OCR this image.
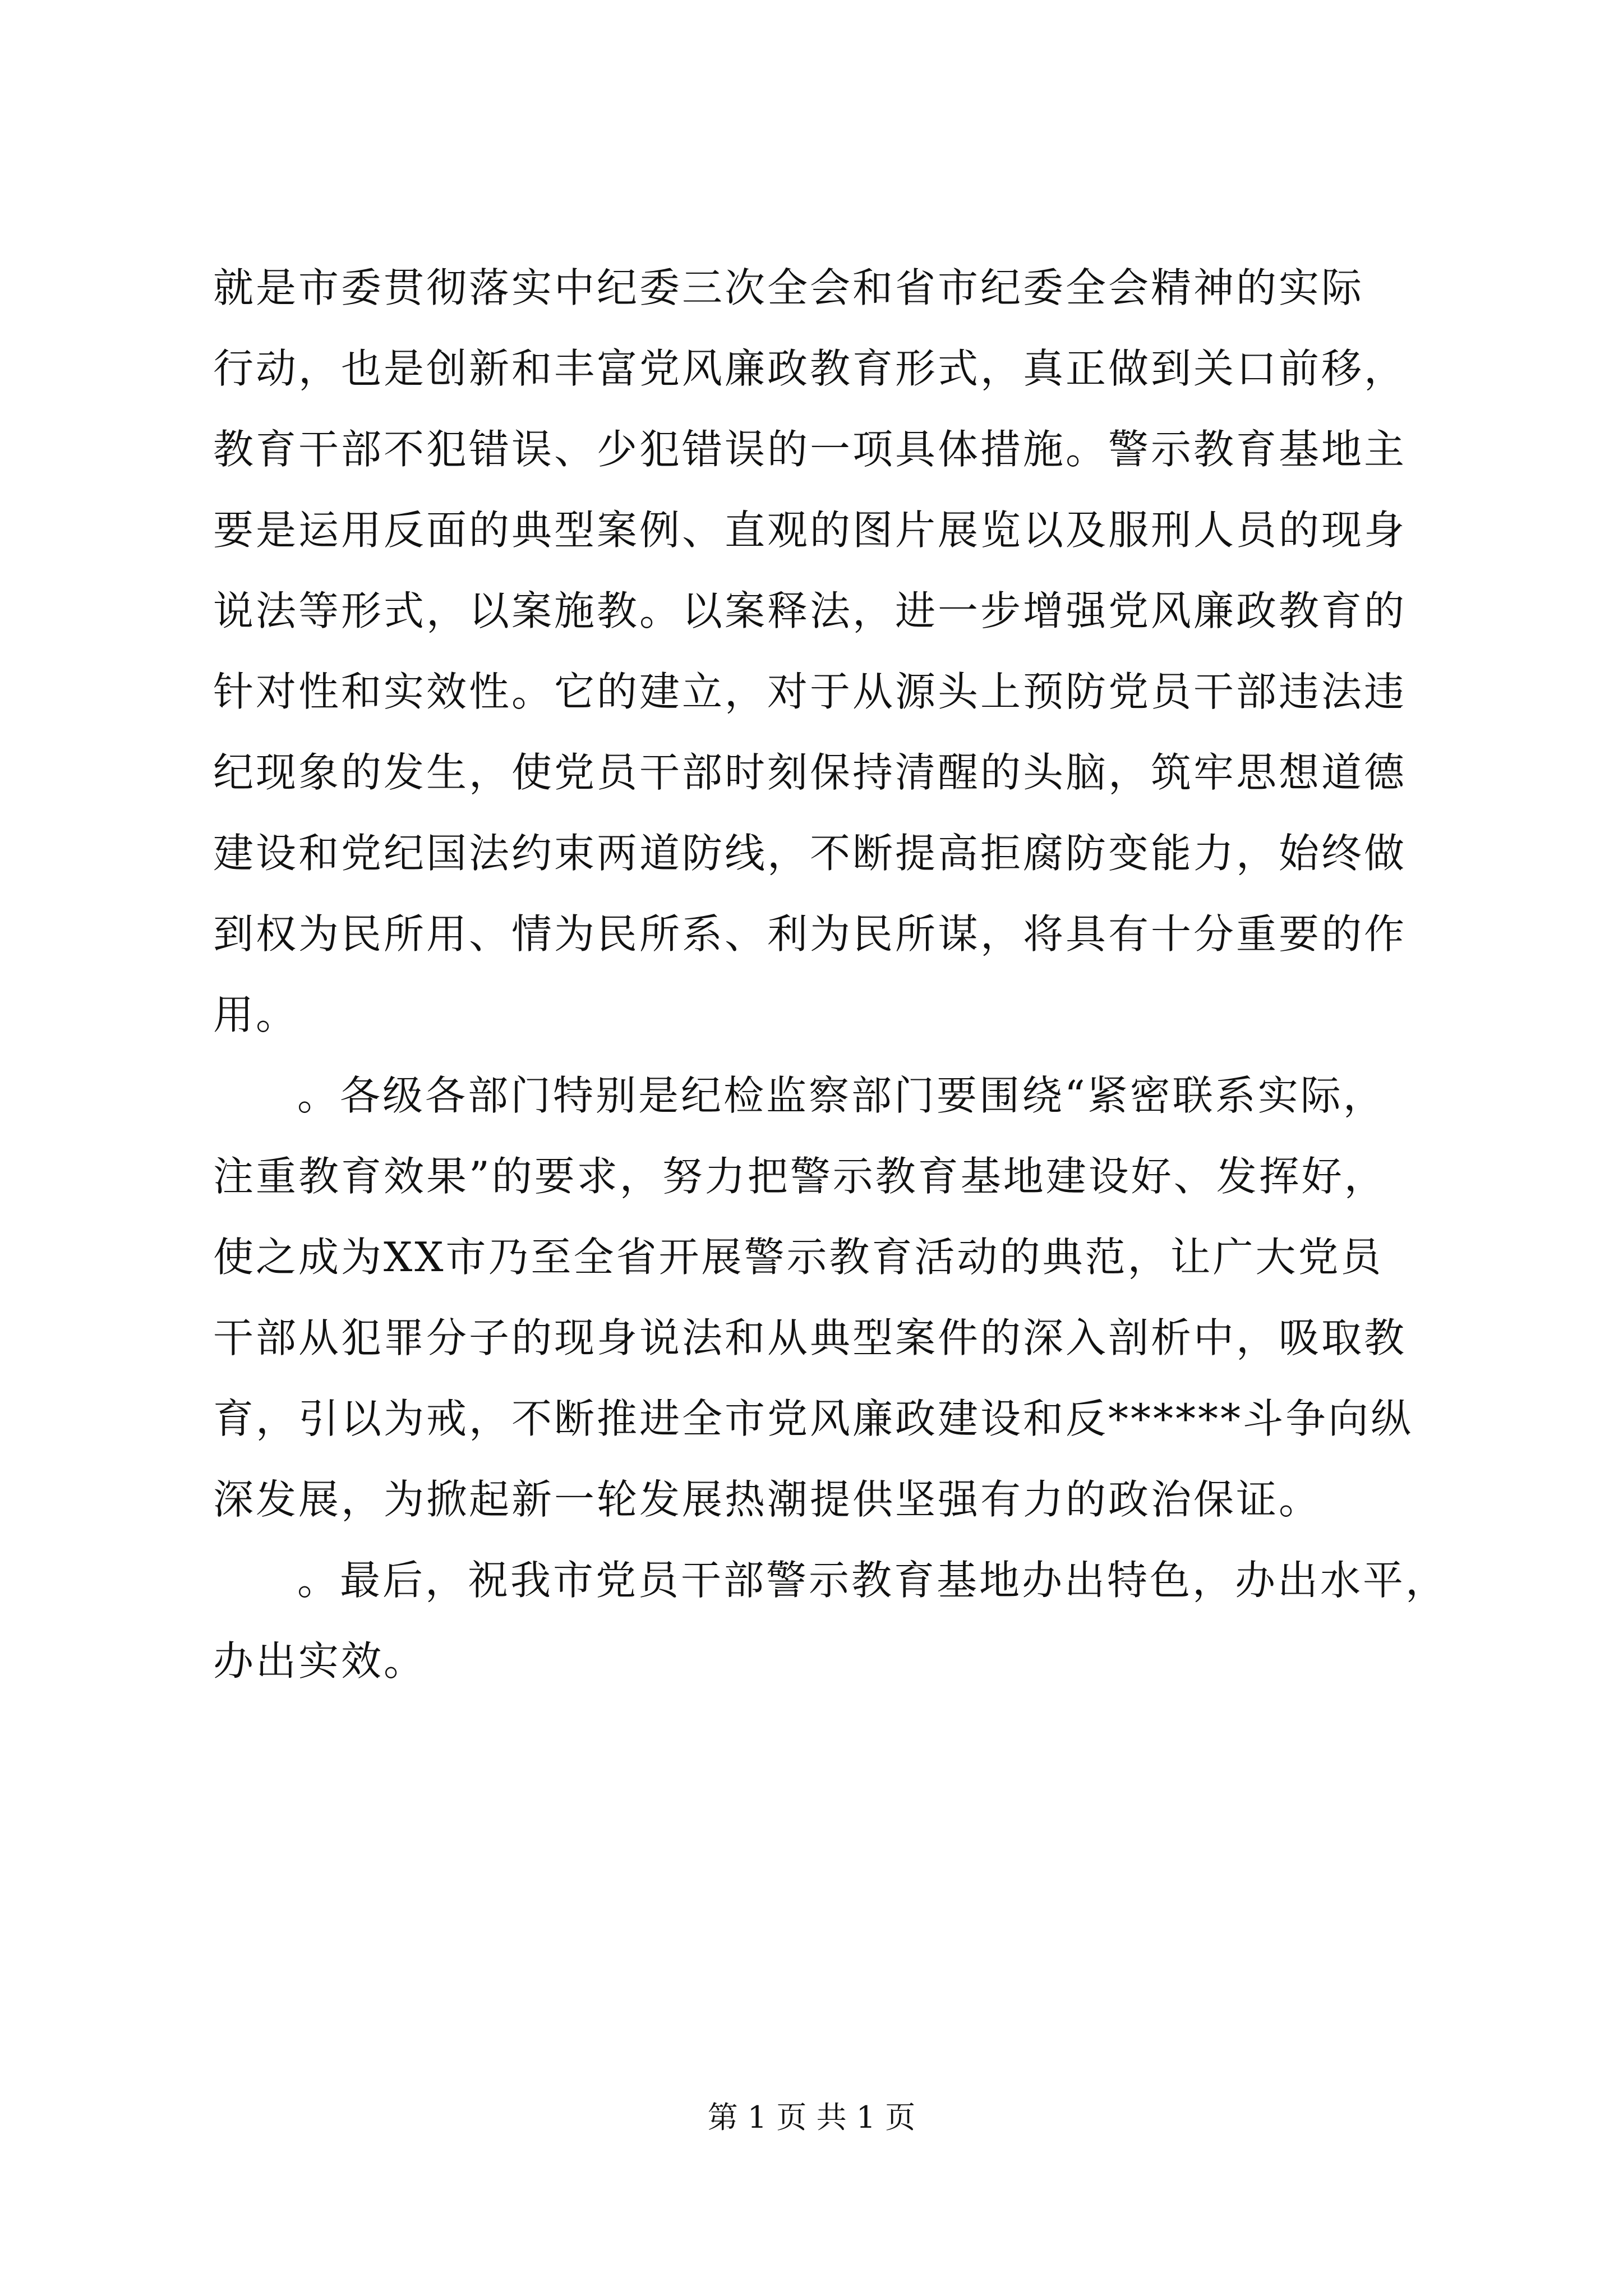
就是市委贯彻落实中纪委三次全会和省市纪委全会精神的实际
行动，也是创新和丰富党风廉政教育形式，真正做到关口前移，
教育干部不犯错误、少犯错误的一项具体措施。警示教育基地主
要是运用反面的典型案例、直观的图片展览以及服刑人员的现身
说法等形式，以案施教。以案释法，进一步增强党风廉政教育的
针对性和实效性。它的建立，对于从源头上预防党员干部违法违
纪现象的发生，使党员干部时刻保持清醒的头脑，筑牢思想道德
建设和党纪国法约束两道防线，不断提高拒腐防变能力，始终做
到权为民所用、情为民所系、利为民所谋，将具有十分重要的作
用。
。各级各部门特别是纪检监察部门要围绕“紧密联系实际，
注重教育效果”的要求，努力把警示教育基地建设好、发挥好，
使之成为XX市乃至全省开展警示教育活动的典范，让广大党员
干部从犯罪分子的现身说法和从典型案件的深入剖析中，吸取教
育，引以为戒，不断推进全市党风廉政建设和反******斗争向纵
深发展，为掀起新一轮发展热潮提供坚强有力的政治保证。
。最后，祝我市党员干部警示教育基地办出特色，办出水平，
办出实效。
第 1 页 共 1 页
